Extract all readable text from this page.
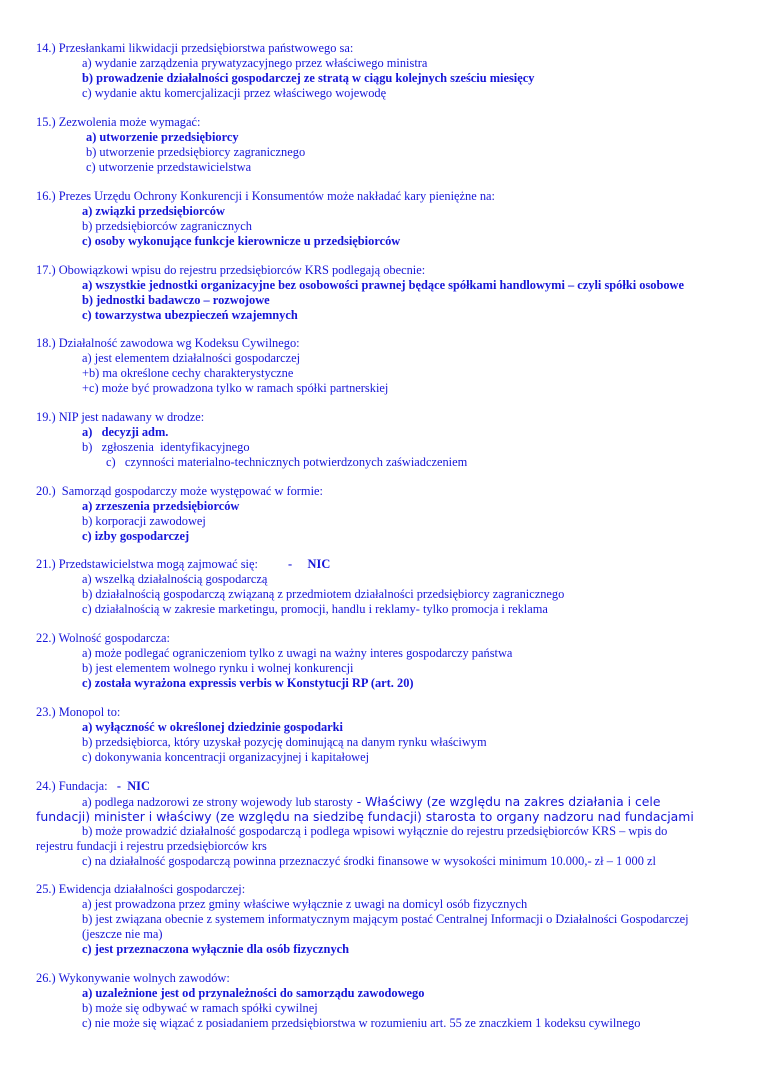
14.) Przesłankami likwidacji przedsiębiorstwa państwowego sa:
a) wydanie zarządzenia prywatyzacyjnego przez właściwego ministra
b) prowadzenie działalności gospodarczej ze stratą w ciągu kolejnych sześciu miesięcy
c) wydanie aktu komercjalizacji przez właściwego wojewodę
15.) Zezwolenia może wymagać:
a) utworzenie przedsiębiorcy
b) utworzenie przedsiębiorcy zagranicznego
c) utworzenie przedstawicielstwa
16.) Prezes Urzędu Ochrony Konkurencji i Konsumentów może nakładać kary pieniężne na:
a) związki przedsiębiorców
b) przedsiębiorców zagranicznych
c) osoby wykonujące funkcje kierownicze u przedsiębiorców
17.) Obowiązkowi wpisu do rejestru przedsiębiorców KRS podlegają obecnie:
a) wszystkie jednostki organizacyjne bez osobowości prawnej będące spółkami handlowymi – czyli spółki osobowe
b) jednostki badawczo – rozwojowe
c) towarzystwa ubezpieczeń wzajemnych
18.) Działalność zawodowa wg Kodeksu Cywilnego:
a) jest elementem działalności gospodarczej
+b) ma określone cechy charakterystyczne
+c) może być prowadzona tylko w ramach spółki partnerskiej
19.) NIP jest nadawany w drodze:
a)   decyzji adm.
b)   zgłoszenia  identyfikacyjnego
c)   czynności materialno-technicznych potwierdzonych zaświadczeniem
20.)  Samorząd gospodarczy może występować w formie:
a) zrzeszenia przedsiębiorców
b) korporacji zawodowej
c) izby gospodarczej
21.) Przedstawicielstwa mogą zajmować się: -     NIC
a) wszelką działalnością gospodarczą
b) działalnością gospodarczą związaną z przedmiotem działalności przedsiębiorcy zagranicznego
c) działalnością w zakresie marketingu, promocji, handlu i reklamy- tylko promocja i reklama
22.) Wolność gospodarcza:
a) może podlegać ograniczeniom tylko z uwagi na ważny interes gospodarczy państwa
b) jest elementem wolnego rynku i wolnej konkurencji
c) została wyrażona expressis verbis w Konstytucji RP (art. 20)
23.) Monopol to:
a) wyłączność w określonej dziedzinie gospodarki
b) przedsiębiorca, który uzyskał pozycję dominującą na danym rynku właściwym
c) dokonywania koncentracji organizacyjnej i kapitałowej
24.) Fundacja: -  NIC
a) podlega nadzorowi ze strony wojewody lub starosty - Właściwy (ze względu na zakres działania i cele
fundacji) minister i właściwy (ze względu na siedzibę fundacji) starosta to organy nadzoru nad fundacjami
b) może prowadzić działalność gospodarczą i podlega wpisowi wyłącznie do rejestru przedsiębiorców KRS – wpis do
rejestru fundacji i rejestru przedsiębiorców krs
c) na działalność gospodarczą powinna przeznaczyć środki finansowe w wysokości minimum 10.000,- zł – 1 000 zl
25.) Ewidencja działalności gospodarczej:
a) jest prowadzona przez gminy właściwe wyłącznie z uwagi na domicyl osób fizycznych
b) jest związana obecnie z systemem informatycznym mającym postać Centralnej Informacji o Działalności Gospodarczej
(jeszcze nie ma)
c) jest przeznaczona wyłącznie dla osób fizycznych
26.) Wykonywanie wolnych zawodów:
a) uzależnione jest od przynależności do samorządu zawodowego
b) może się odbywać w ramach spółki cywilnej
c) nie może się wiązać z posiadaniem przedsiębiorstwa w rozumieniu art. 55 ze znaczkiem 1 kodeksu cywilnego
